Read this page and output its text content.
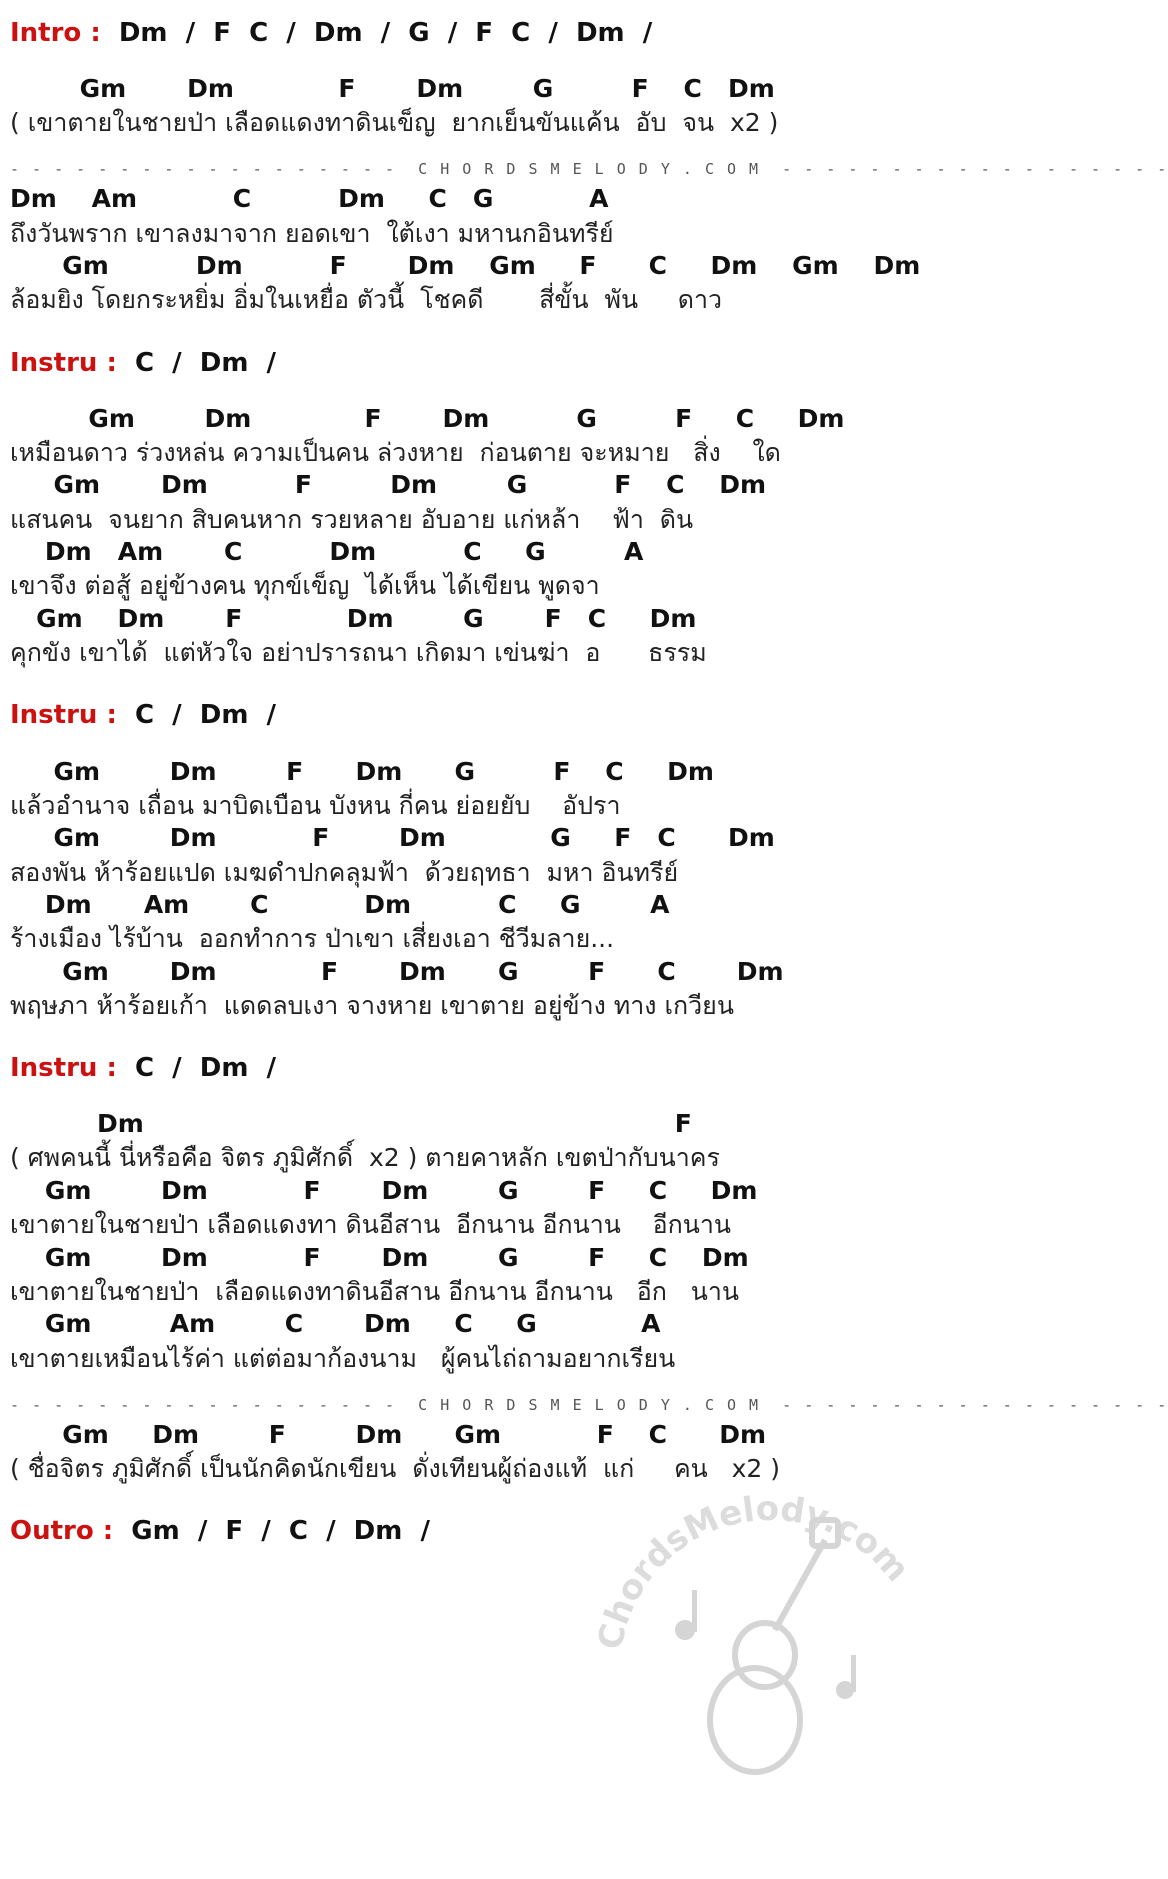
Intro :  Dm  /  F  C  /  Dm  /  G  /  F  C  /  Dm  /
Gm       Dm            F       Dm        G         F    C   Dm
( เขาตายในชายป่า เลือดแดงทาดินเข็ญ  ยากเย็นขันแค้น  อับ  จน  x2 )
- - - - - - - - - - - - - - - - - -  C H O R D S M E L O D Y . C O M  - - - - - - - - - - - - - - - - - -
Dm    Am           C          Dm     C   G           A
ถึงวันพราก เขาลงมาจาก ยอดเขา  ใต้เงา มหานกอินทรีย์
Gm          Dm          F       Dm    Gm     F      C     Dm    Gm    Dm
ล้อมยิง โดยกระหยิ่ม อิ่มในเหยื่อ ตัวนี้  โชคดี       สี่ขั้น  พัน     ดาว
Instru :  C  /  Dm  /
Gm        Dm             F       Dm          G         F     C     Dm
เหมือนดาว ร่วงหล่น ความเป็นคน ล่วงหาย  ก่อนตาย จะหมาย   สิ่ง    ใด
Gm       Dm          F         Dm        G          F    C    Dm
แสนคน  จนยาก สิบคนหาก รวยหลาย อับอาย แก่หล้า    ฟ้า  ดิน
Dm   Am       C          Dm          C     G         A
เขาจึง ต่อสู้ อยู่ข้างคน ทุกข์เข็ญ  ได้เห็น ได้เขียน พูดจา
Gm    Dm       F            Dm        G       F   C     Dm
คุกขัง เขาได้  แต่หัวใจ อย่าปรารถนา เกิดมา เข่นฆ่า  อ      ธรรม
Instru :  C  /  Dm  /
Gm        Dm        F      Dm      G         F    C     Dm
แล้วอำนาจ เถื่อน มาบิดเบือน บังหน กี่คน ย่อยยับ    อัปรา
Gm        Dm           F        Dm            G     F   C      Dm
สองพัน ห้าร้อยแปด เมฆดำปกคลุมฟ้า  ด้วยฤทธา  มหา อินทรีย์
Dm      Am       C           Dm          C     G        A
ร้างเมือง ไร้บ้าน  ออกทำการ ป่าเขา เสี่ยงเอา ชีวีมลาย...
Gm       Dm            F       Dm      G        F      C       Dm
พฤษภา ห้าร้อยเก้า  แดดลบเงา จางหาย เขาตาย อยู่ข้าง ทาง เกวียน
Instru :  C  /  Dm  /
Dm                                                             F
( ศพคนนี้ นี่หรือคือ จิตร ภูมิศักดิ์  x2 ) ตายคาหลัก เขตป่ากับนาคร
Gm        Dm           F       Dm        G        F     C     Dm
เขาตายในชายป่า เลือดแดงทา ดินอีสาน  อีกนาน อีกนาน    อีกนาน
Gm        Dm           F       Dm        G        F     C    Dm
เขาตายในชายป่า  เลือดแดงทาดินอีสาน อีกนาน อีกนาน   อีก   นาน
Gm         Am        C       Dm     C     G            A
เขาตายเหมือนไร้ค่า แต่ต่อมาก้องนาม   ผู้คนไถ่ถามอยากเรียน
- - - - - - - - - - - - - - - - - -  C H O R D S M E L O D Y . C O M  - - - - - - - - - - - - - - - - - -
Gm     Dm        F        Dm      Gm           F    C      Dm
( ชื่อจิตร ภูมิศักดิ์ เป็นนักคิดนักเขียน  ดั่งเทียนผู้ถ่องแท้  แก่     คน   x2 )
Outro :  Gm  /  F  /  C  /  Dm  /
ChordsMelody.com
